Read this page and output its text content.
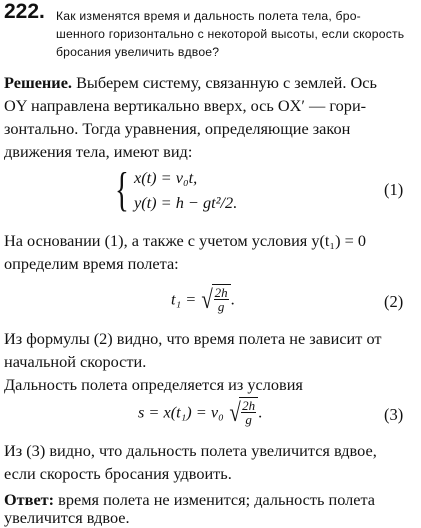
222. Как изменятся время и дальность полета тела, бро-
шенного горизонтально с некоторой высоты, если скорость
бросания увеличить вдвое?
Решение. Выберем систему, связанную с землей. Ось
OY направлена вертикально вверх, ось OX′ — гори-
зонтально. Тогда уравнения, определяющие закон
движения тела, имеют вид:
{ x(t) = v₀t,
y(t) = h − gt²/2.
(1)
На основании (1), а также с учетом условия y(t₁) = 0
определим время полета:
t₁ = √ $\frac{2h}{g}$ .	(2)
Из формулы (2) видно, что время полета не зависит от
начальной скорости.
Дальность полета определяется из условия
s = x(t₁) = v₀ √ $\frac{2h}{g}$ .	(3)
Из (3) видно, что дальность полета увеличится вдвое,
если скорость бросания удвоить.
Ответ: время полета не изменится; дальность полета
увеличится вдвое.
